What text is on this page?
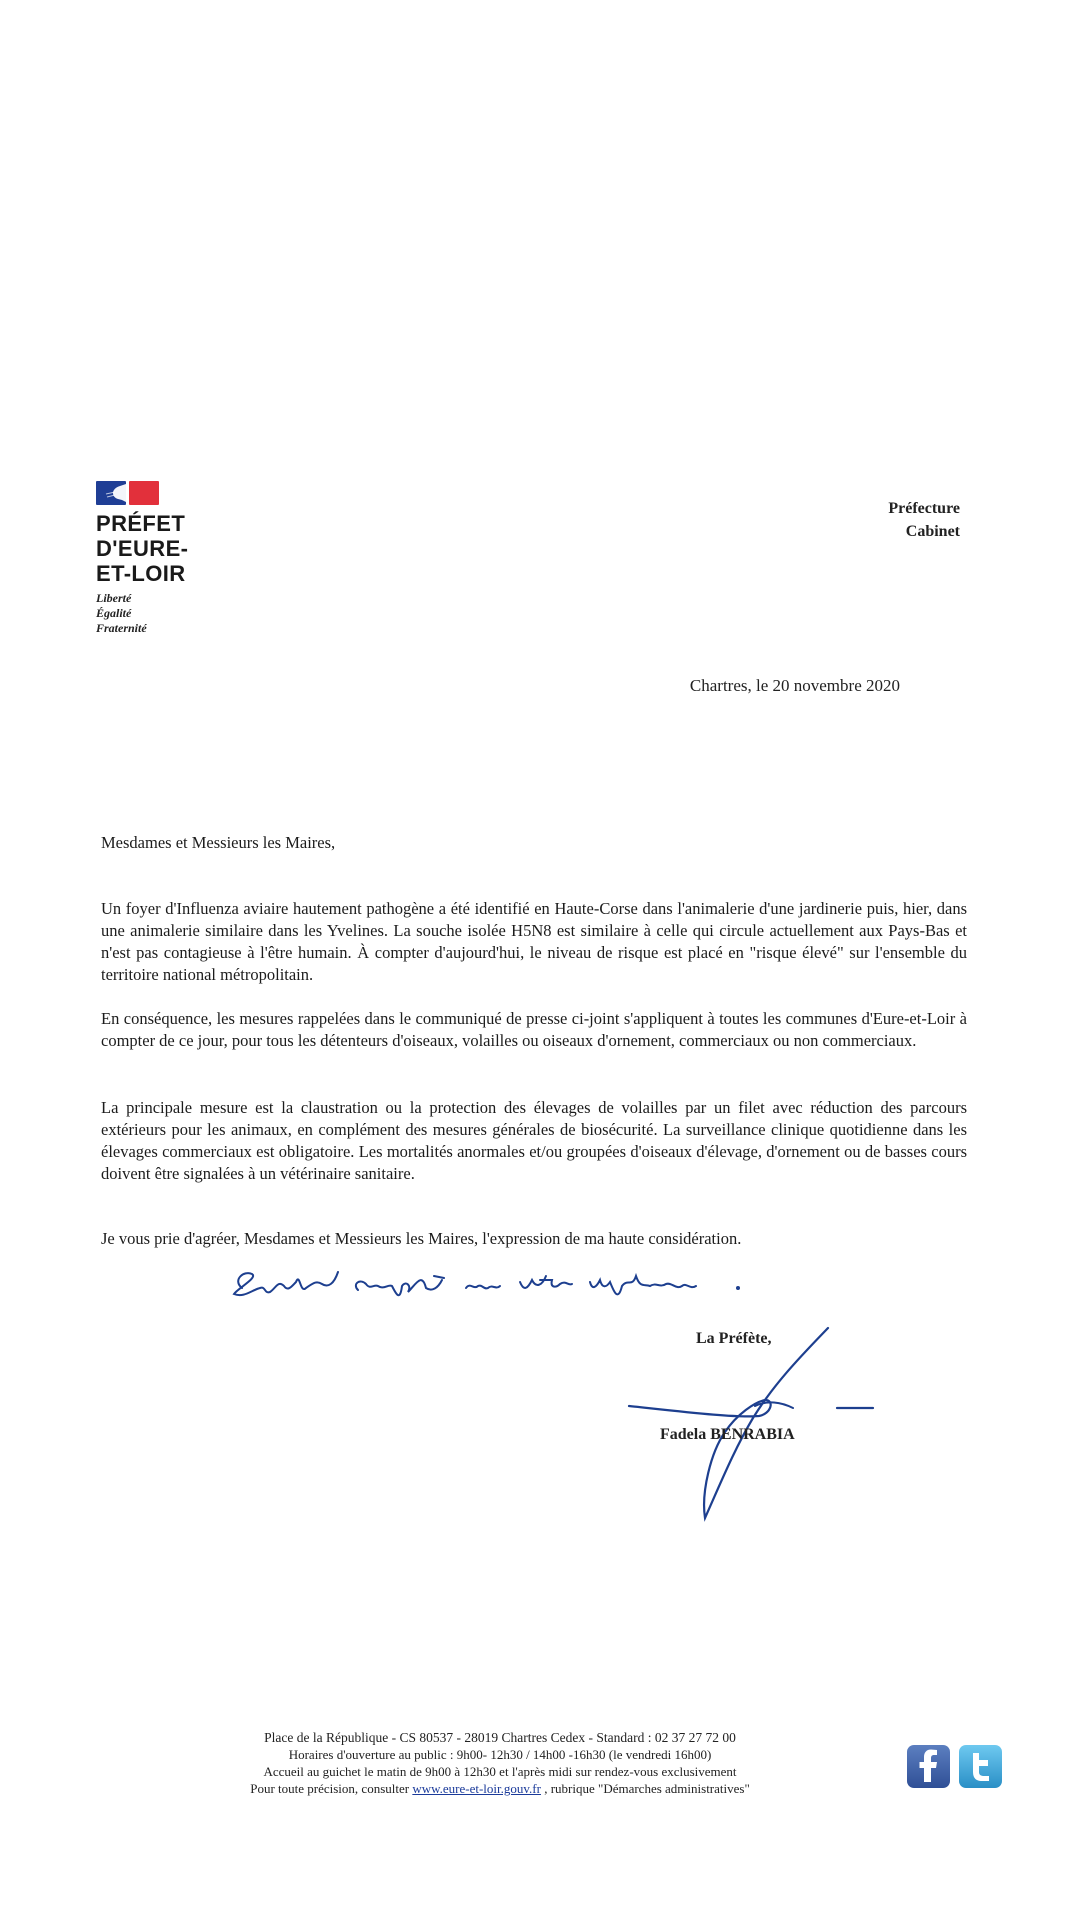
PRÉFET
D'EURE-
ET-LOIR
Liberté
Égalité
Fraternité
Préfecture
Cabinet
Chartres, le 20 novembre 2020
Mesdames et Messieurs les Maires,
Un foyer d'Influenza aviaire hautement pathogène a été identifié en Haute-Corse dans l'animalerie d'une jardinerie puis, hier, dans une animalerie similaire dans les Yvelines. La souche isolée H5N8 est similaire à celle qui circule actuellement aux Pays-Bas et n'est pas contagieuse à l'être humain. À compter d'aujourd'hui, le niveau de risque est placé en "risque élevé" sur l'ensemble du territoire national métropolitain.
En conséquence, les mesures rappelées dans le communiqué de presse ci-joint s'appliquent à toutes les communes d'Eure-et-Loir à compter de ce jour, pour tous les détenteurs d'oiseaux, volailles ou oiseaux d'ornement, commerciaux ou non commerciaux.
La principale mesure est la claustration ou la protection des élevages de volailles par un filet avec réduction des parcours extérieurs pour les animaux, en complément des mesures générales de biosécurité. La surveillance clinique quotidienne dans les élevages commerciaux est obligatoire. Les mortalités anormales et/ou groupées d'oiseaux d'élevage, d'ornement ou de basses cours doivent être signalées à un vétérinaire sanitaire.
Je vous prie d'agréer, Mesdames et Messieurs les Maires, l'expression de ma haute considération.
La Préfète,
Fadela BENRABIA
Place de la République - CS 80537 - 28019 Chartres Cedex - Standard : 02 37 27 72 00
Horaires d'ouverture au public : 9h00- 12h30 / 14h00 -16h30 (le vendredi 16h00)
Accueil au guichet le matin de 9h00 à 12h30 et l'après midi sur rendez-vous exclusivement
Pour toute précision, consulter www.eure-et-loir.gouv.fr , rubrique "Démarches administratives"
